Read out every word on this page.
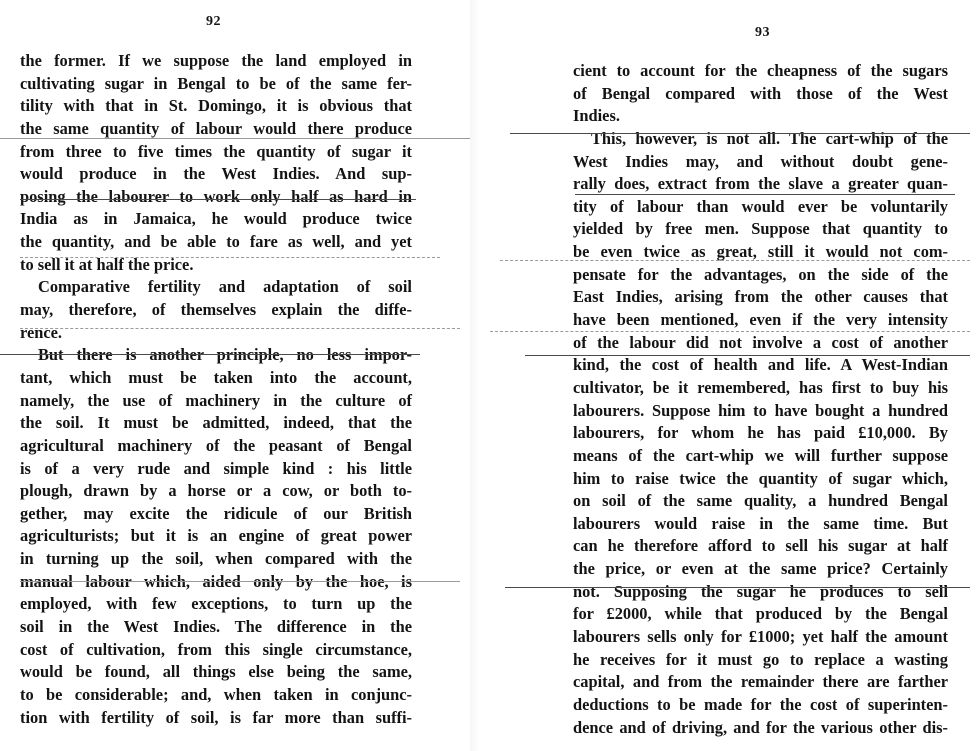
92
the former. If we suppose the land employed in
cultivating sugar in Bengal to be of the same fer-
tility with that in St. Domingo, it is obvious that
the same quantity of labour would there produce
from three to five times the quantity of sugar it
would produce in the West Indies. And sup-
posing the labourer to work only half as hard in
India as in Jamaica, he would produce twice
the quantity, and be able to fare as well, and yet
to sell it at half the price.
Comparative fertility and adaptation of soil
may, therefore, of themselves explain the diffe-
rence.
But there is another principle, no less impor-
tant, which must be taken into the account,
namely, the use of machinery in the culture of
the soil. It must be admitted, indeed, that the
agricultural machinery of the peasant of Bengal
is of a very rude and simple kind : his little
plough, drawn by a horse or a cow, or both to-
gether, may excite the ridicule of our British
agriculturists; but it is an engine of great power
in turning up the soil, when compared with the
manual labour which, aided only by the hoe, is
employed, with few exceptions, to turn up the
soil in the West Indies. The difference in the
cost of cultivation, from this single circumstance,
would be found, all things else being the same,
to be considerable; and, when taken in conjunc-
tion with fertility of soil, is far more than suffi-
93
cient to account for the cheapness of the sugars
of Bengal compared with those of the West
Indies.
This, however, is not all. The cart-whip of the
West Indies may, and without doubt gene-
rally does, extract from the slave a greater quan-
tity of labour than would ever be voluntarily
yielded by free men. Suppose that quantity to
be even twice as great, still it would not com-
pensate for the advantages, on the side of the
East Indies, arising from the other causes that
have been mentioned, even if the very intensity
of the labour did not involve a cost of another
kind, the cost of health and life. A West-Indian
cultivator, be it remembered, has first to buy his
labourers. Suppose him to have bought a hundred
labourers, for whom he has paid £10,000. By
means of the cart-whip we will further suppose
him to raise twice the quantity of sugar which,
on soil of the same quality, a hundred Bengal
labourers would raise in the same time. But
can he therefore afford to sell his sugar at half
the price, or even at the same price? Certainly
not. Supposing the sugar he produces to sell
for £2000, while that produced by the Bengal
labourers sells only for £1000; yet half the amount
he receives for it must go to replace a wasting
capital, and from the remainder there are farther
deductions to be made for the cost of superinten-
dence and of driving, and for the various other dis-
